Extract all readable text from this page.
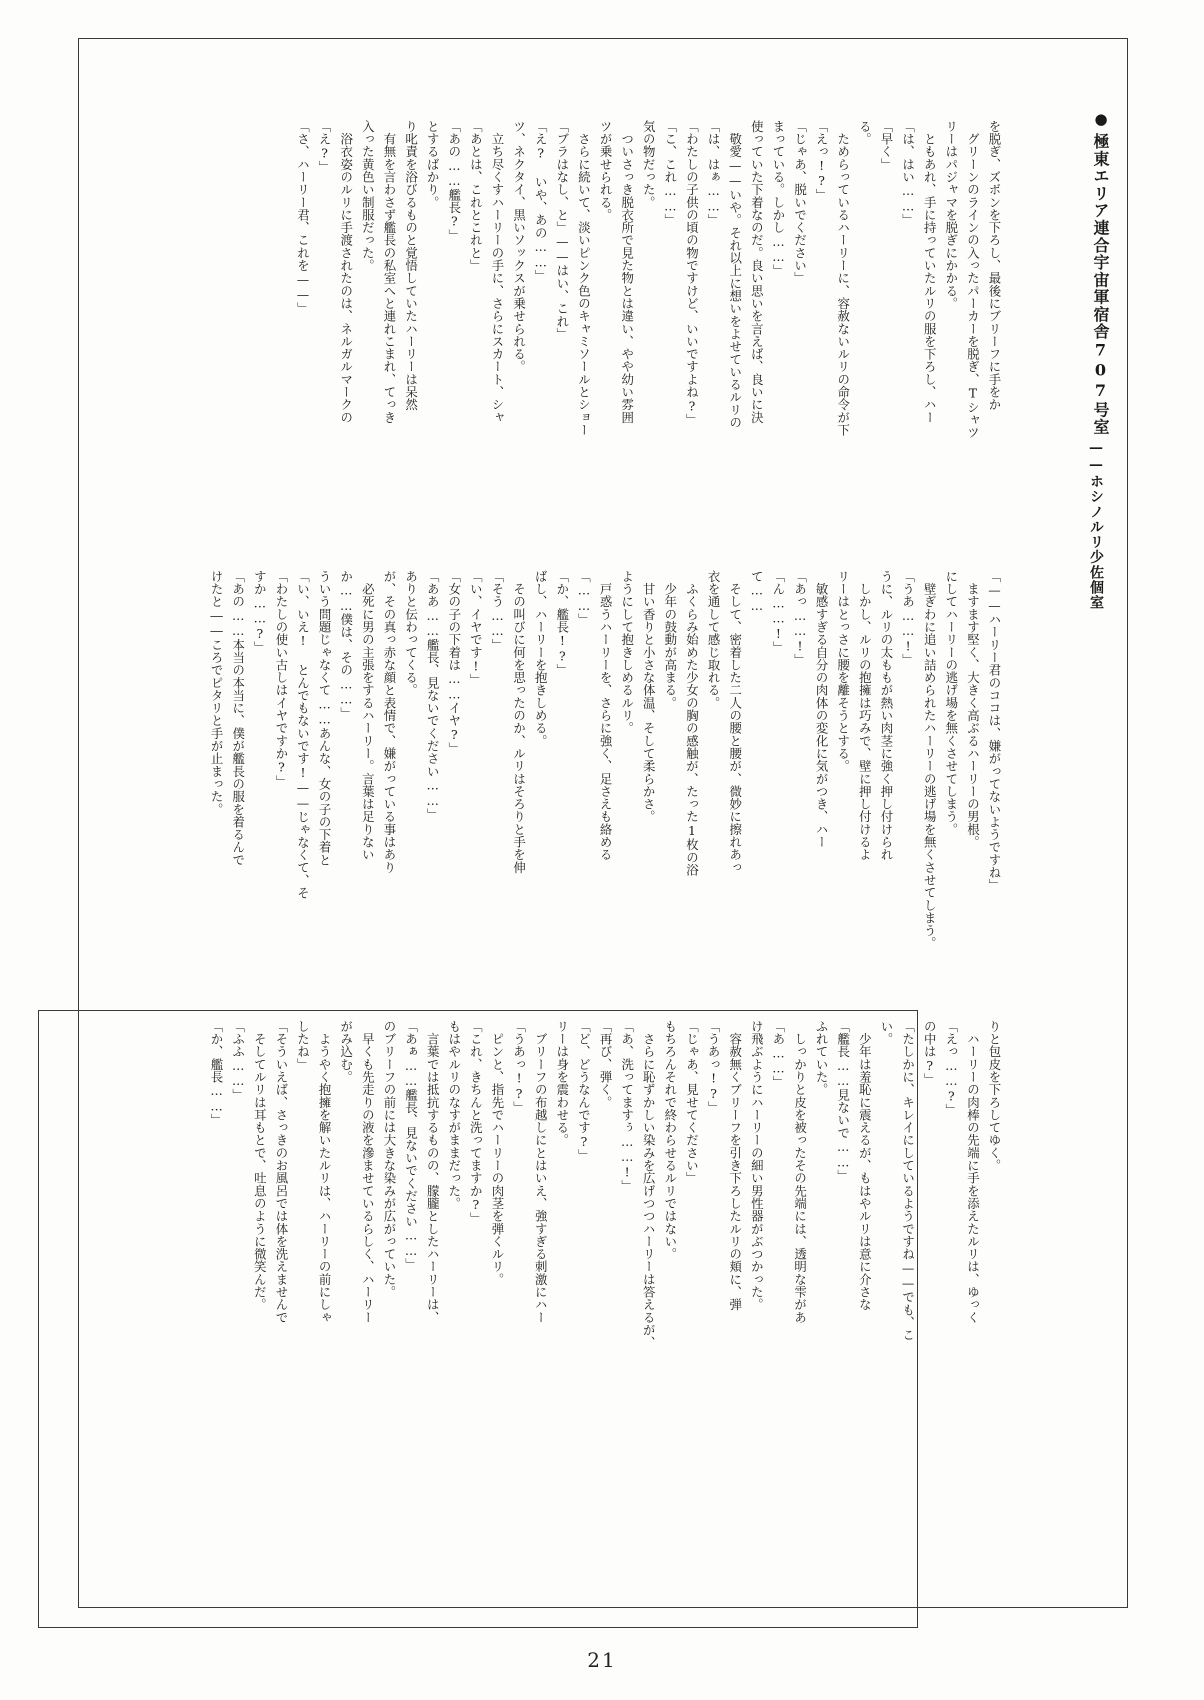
●
極東エリア連合宇宙軍宿舎707号室
——ホシノルリ少佐個室
「さ、ハーリー君、これを——」 「え?」 　浴衣姿のルリに手渡されたのは、ネルガルマークの 入った黄色い制服だった。 　有無を言わさず艦長の私室へと連れこまれ、てっき り叱責を浴びるものと覚悟していたハーリーは呆然 とするばかり。 「あの……艦長?」 「あとは、これとこれと」 　立ち尽くすハーリーの手に、さらにスカート、シャ ツ、ネクタイ、黒いソックスが乗せられる。 「え? いや、あの……」 「ブラはなし、と」——はい、これ」 　さらに続いて、淡いピンク色のキャミソールとショー ツが乗せられる。 　ついさっき脱衣所で見た物とは違い、やや幼い雰囲 気の物だった。 「こ、これ……」 「わたしの子供の頃の物ですけど、いいですよね?」 「は、はぁ……」 　敬愛——いや。それ以上に想いをよせているルリの 使っていた下着なのだ。良い思いを言えば、良いに決 まっている。しかし……」 「じゃあ、脱いでください」 「えっ!?」 　ためらっているハーリーに、容赦ないルリの命令が下 る。 「早く」 「は、はい……」 　ともあれ、手に持っていたルリの服を下ろし、ハー リーはパジャマを脱ぎにかかる。 　グリーンのラインの入ったパーカーを脱ぎ、Tシャツ を脱ぎ、ズボンを下ろし、最後にブリーフに手をか
けたと――ころでピタリと手が止まった。 「あの……本当の本当に、僕が艦長の服を着るんで すか……?」 「わたしの使い古しはイヤですか?」 「い、いえ! とんでもないです!——じゃなくて、そ ういう問題じゃなくて……あんな、女の子の下着と か……僕は、その……」 　必死に男の主張をするハーリー。言葉は足りない が、その真っ赤な顔と表情で、嫌がっている事はあり ありと伝わってくる。 「ああ……艦長、見ないでください……」 「女の子の下着は……イヤ?」 「い、イヤです!」 「そう……」 　その叫びに何を思ったのか、ルリはそろりと手を伸 ばし、ハーリーを抱きしめる。 「か、艦長!?」 「……」 　戸惑うハーリーを、さらに強く、足さえも絡める ようにして抱きしめるルリ。 　甘い香りと小さな体温、そして柔らかさ。 　少年の鼓動が高まる。 　ふくらみ始めた少女の胸の感触が、たった1枚の浴 衣を通して感じ取れる。 　そして、密着した二人の腰と腰が、微妙に擦れあっ て…… 「ん……!」 「あっ……!」 　敏感すぎる自分の肉体の変化に気がつき、ハー リーはとっさに腰を離そうとする。 　しかし、ルリの抱擁は巧みで、壁に押し付けるよ うに、ルリの太ももが熱い肉茎に強く押し付けられ 「うあ……!」 　壁ぎわに追い詰められたハーリーの逃げ場を無くさせてしまう。 にしてハーリーの逃げ場を無くさせてしまう。 　ますます堅く、大きく高ぶるハーリーの男根。 「——ハーリー君のココは、嫌がってないようですね」
「か、艦長……」 「ふふ……」 　そしてルリは耳もとで、吐息のように微笑んだ。 「そういえば、さっきのお風呂では体を洗えませんで したね」 　ようやく抱擁を解いたルリは、ハーリーの前にしゃ がみ込む。 　早くも先走りの液を滲ませているらしく、ハーリー のブリーフの前には大きな染みが広がっていた。 「あぁ……艦長、見ないでください……」 　言葉では抵抗するものの、朦朧としたハーリーは、 もはやルリのなすがままだった。 「これ、きちんと洗ってますか?」 　ピンと、指先でハーリーの肉茎を弾くルリ。 「うあっ!?」 　ブリーフの布越しにとはいえ、強すぎる刺激にハー リーは身を震わせる。 「ど、どうなんです?」 「再び、弾く。 「あ、洗ってますぅ……!」 　さらに恥ずかしい染みを広げつつハーリーは答えるが、 もちろんそれで終わらせるルリではない。 「じゃあ、見せてください」 「うあっ!?」 　容赦無くブリーフを引き下ろしたルリの頬に、弾 け飛ぶようにハーリーの細い男性器がぶつかった。 「あ……」 　しっかりと皮を被ったその先端には、透明な雫があ ふれていた。 「艦長……見ないで……」 　少年は羞恥に震えるが、もはやルリは意に介さな い。 「たしかに、キレイにしているようですね——でも、こ の中は?」 「えっ……?」 　ハーリーの肉棒の先端に手を添えたルリは、ゆっく りと包皮を下ろしてゆく。
21
